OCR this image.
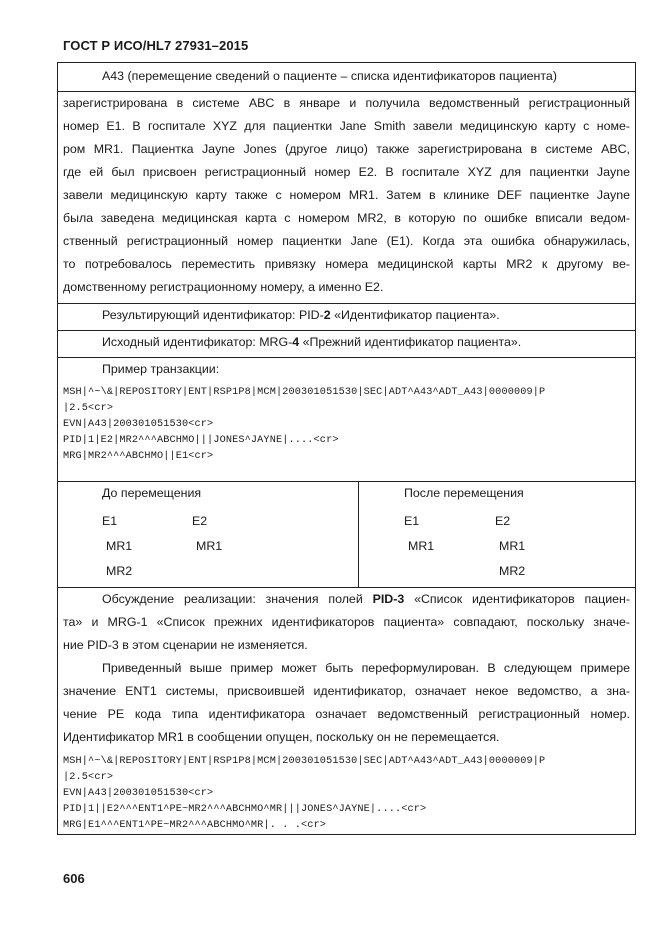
ГОСТ Р ИСО/HL7 27931–2015
A43 (перемещение сведений о пациенте – списка идентификаторов пациента)
зарегистрирована в системе ABC в январе и получила ведомственный регистрационный
номер E1. В госпитале XYZ для пациентки Jane Smith завели медицинскую карту с номе-
ром MR1. Пациентка Jayne Jones (другое лицо) также зарегистрирована в системе ABC,
где ей был присвоен регистрационный номер E2. В госпитале XYZ для пациентки Jayne
завели медицинскую карту также с номером MR1. Затем в клинике DEF пациентке Jayne
была заведена медицинская карта с номером MR2, в которую по ошибке вписали ведом-
ственный регистрационный номер пациентки Jane (E1). Когда эта ошибка обнаружилась,
то потребовалось переместить привязку номера медицинской карты MR2 к другому ве-
домственному регистрационному номеру, а именно E2.
Результирующий идентификатор: PID-2 «Идентификатор пациента».
Исходный идентификатор: MRG-4 «Прежний идентификатор пациента».
Пример транзакции:
MSH|^~\&|REPOSITORY|ENT|RSP1P8|MCM|200301051530|SEC|ADT^A43^ADT_A43|0000009|P
|2.5<cr>
EVN|A43|200301051530<cr>
PID|1|E2|MR2^^^ABCHMO|||JONES^JAYNE|....<cr>
MRG|MR2^^^ABCHMO||E1<cr>
До перемещения	После перемещения
E1
MR1
MR2
E2
MR1
E1
MR1
E2
MR1
MR2
Обсуждение реализации: значения полей PID-3 «Список идентификаторов пациен-
та» и MRG-1 «Список прежних идентификаторов пациента» совпадают, поскольку значе-
ние PID-3 в этом сценарии не изменяется.
Приведенный выше пример может быть переформулирован. В следующем примере
значение ENT1 системы, присвоившей идентификатор, означает некое ведомство, а зна-
чение PE кода типа идентификатора означает ведомственный регистрационный номер.
Идентификатор MR1 в сообщении опущен, поскольку он не перемещается.
MSH|^~\&|REPOSITORY|ENT|RSP1P8|MCM|200301051530|SEC|ADT^A43^ADT_A43|0000009|P
|2.5<cr>
EVN|A43|200301051530<cr>
PID|1||E2^^^ENT1^PE~MR2^^^ABCHMO^MR|||JONES^JAYNE|....<cr>
MRG|E1^^^ENT1^PE~MR2^^^ABCHMO^MR|. . .<cr>
606
